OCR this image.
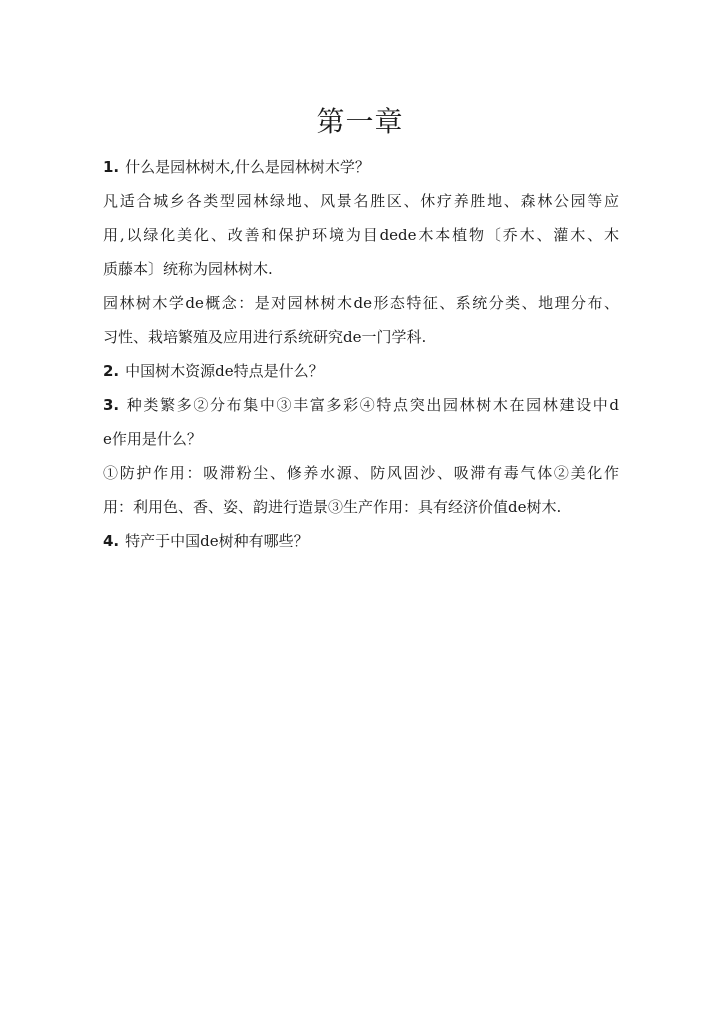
第一章
1. 什么是园林树木,什么是园林树木学？
凡适合城乡各类型园林绿地、风景名胜区、休疗养胜地、森林公园等应
用,以绿化美化、改善和保护环境为目dede木本植物〔乔木、灌木、木
质藤本〕统称为园林树木.
园林树木学de概念：是对园林树木de形态特征、系统分类、地理分布、
习性、栽培繁殖及应用进行系统研究de一门学科.
2. 中国树木资源de特点是什么？
3. 种类繁多②分布集中③丰富多彩④特点突出园林树木在园林建设中d
e作用是什么？
①防护作用：吸滞粉尘、修养水源、防风固沙、吸滞有毒气体②美化作
用：利用色、香、姿、韵进行造景③生产作用：具有经济价值de树木.
4. 特产于中国de树种有哪些？
